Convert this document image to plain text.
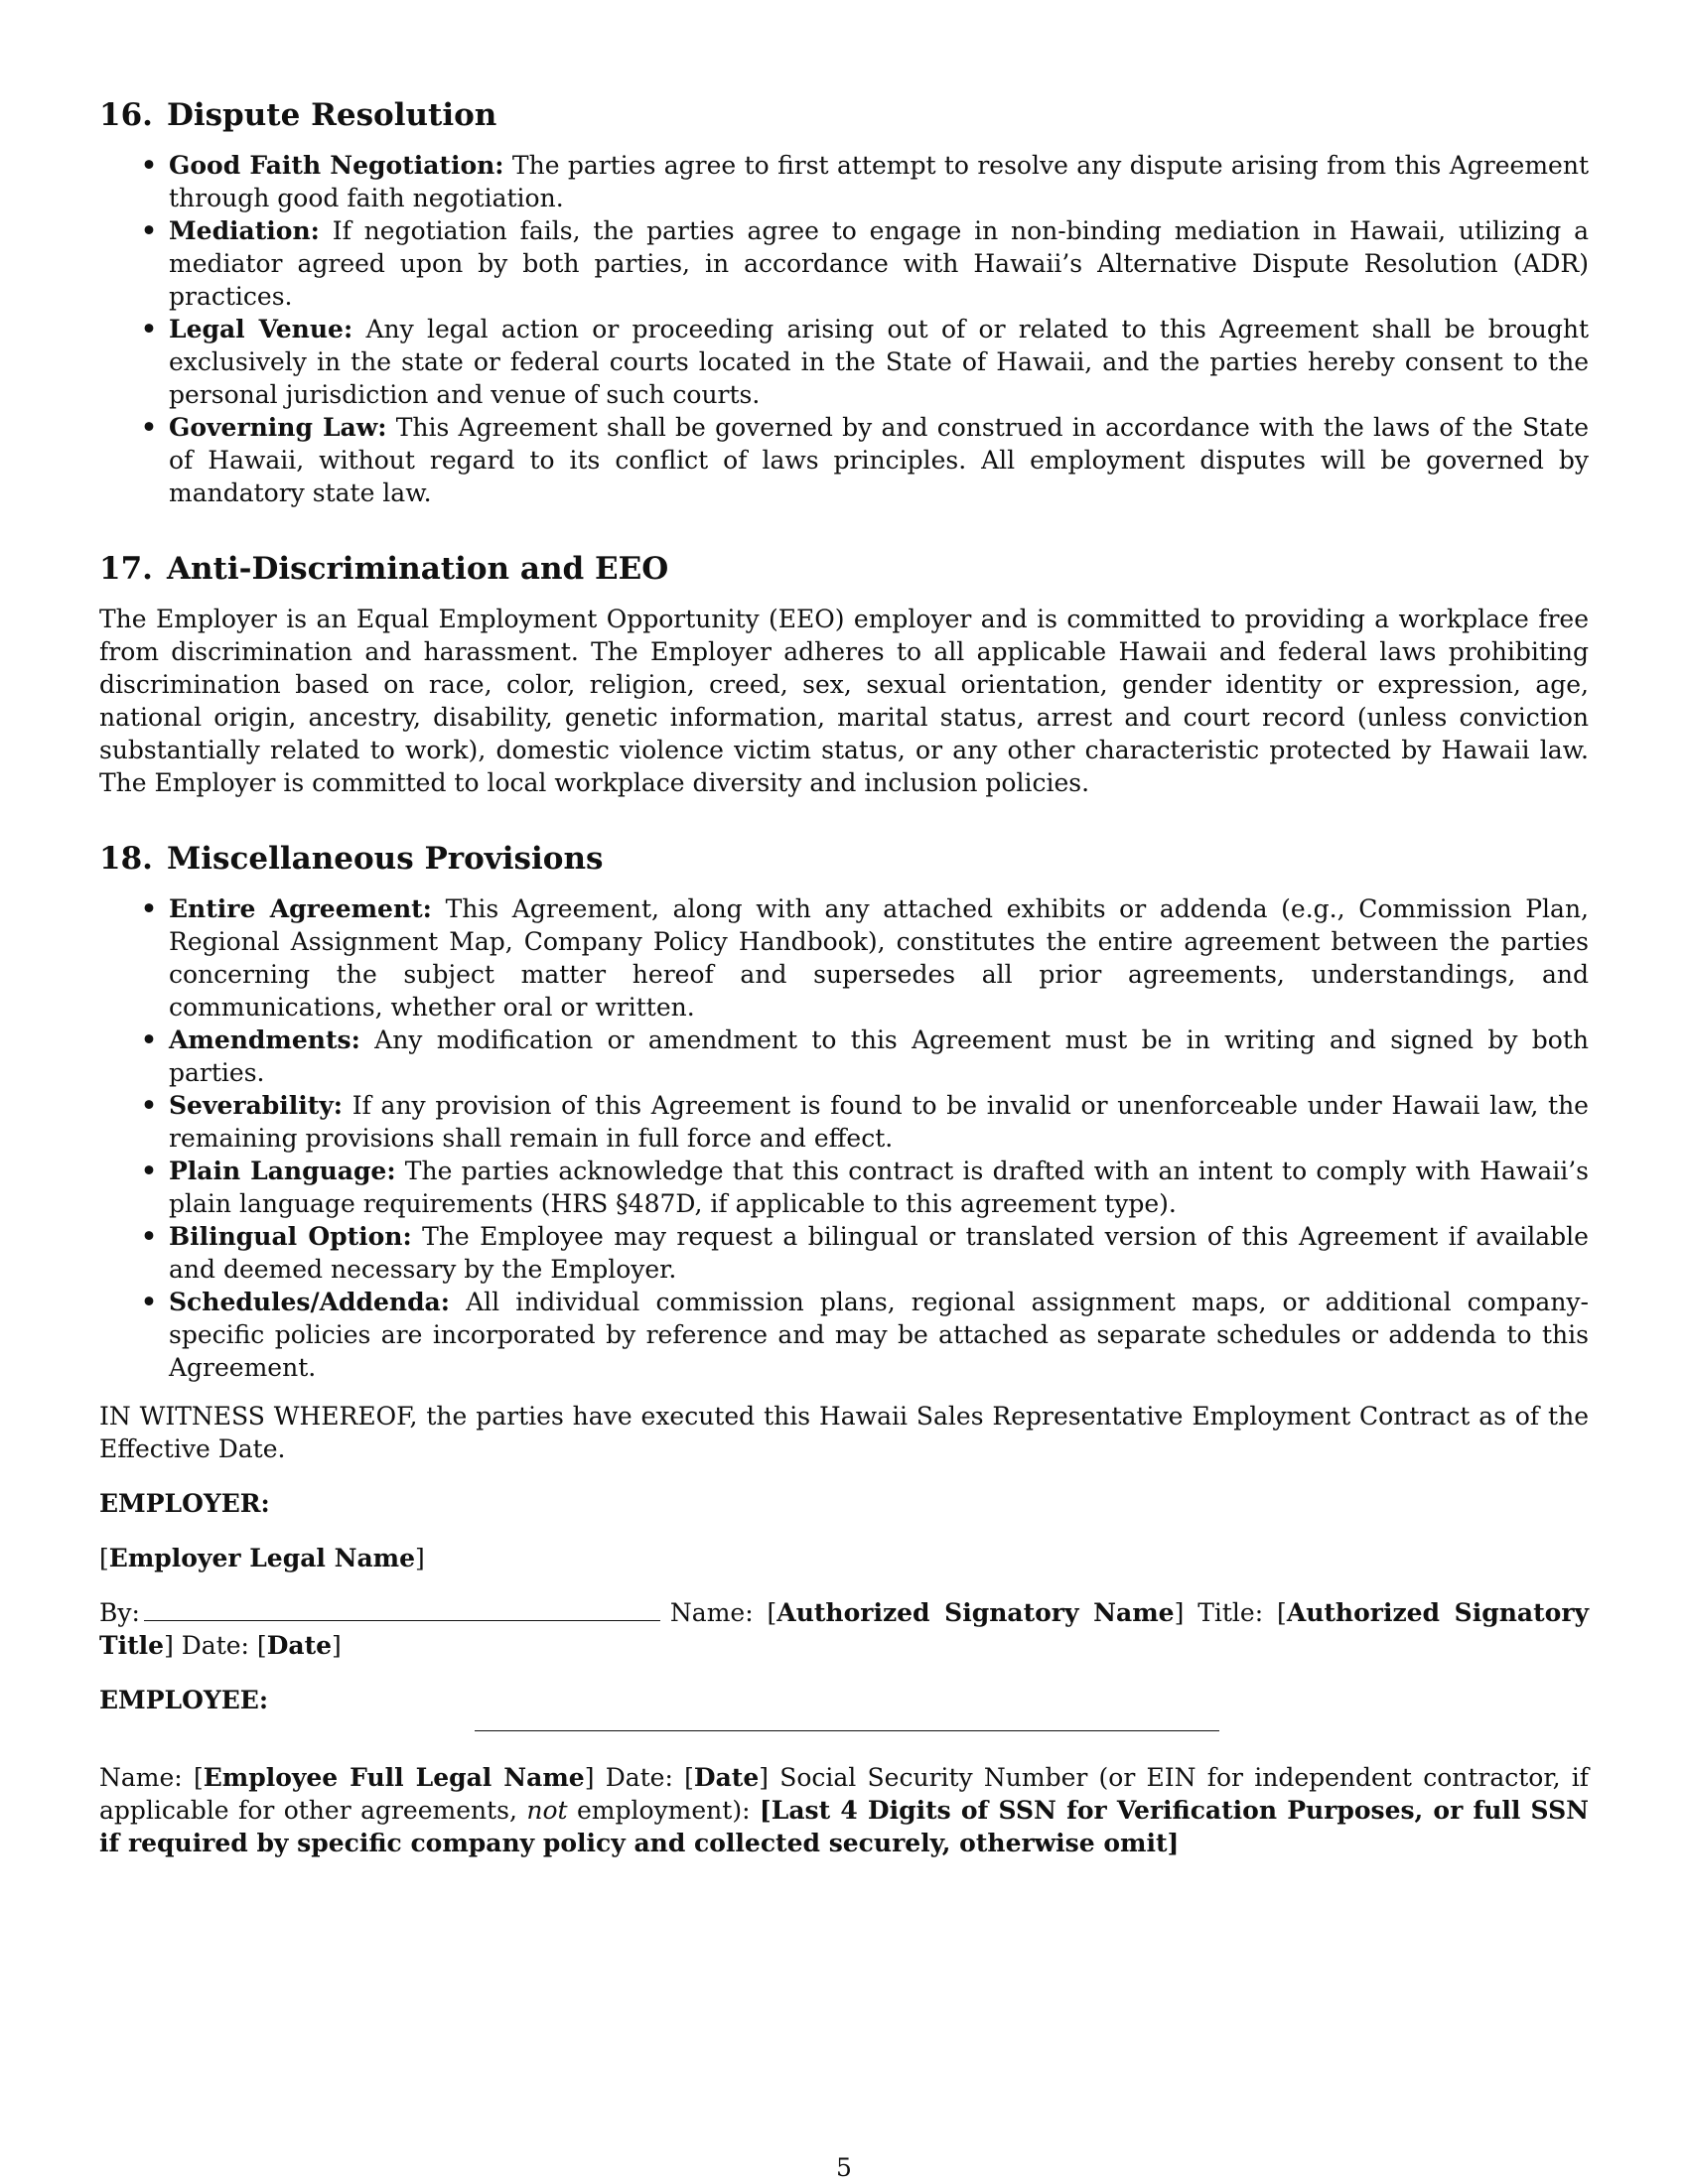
16. Dispute Resolution
• Good Faith Negotiation: The parties agree to first attempt to resolve any dispute arising from this Agreement through good faith negotiation.
• Mediation: If negotiation fails, the parties agree to engage in non-binding mediation in Hawaii, utilizing a mediator agreed upon by both parties, in accordance with Hawaii’s Alternative Dispute Resolution (ADR) practices.
• Legal Venue: Any legal action or proceeding arising out of or related to this Agreement shall be brought exclusively in the state or federal courts located in the State of Hawaii, and the parties hereby consent to the personal jurisdiction and venue of such courts.
• Governing Law: This Agreement shall be governed by and construed in accordance with the laws of the State of Hawaii, without regard to its conflict of laws principles. All employment disputes will be governed by mandatory state law.
17. Anti-Discrimination and EEO

The Employer is an Equal Employment Opportunity (EEO) employer and is committed to providing a workplace free from discrimination and harassment. The Employer adheres to all applicable Hawaii and federal laws prohibiting discrimination based on race, color, religion, creed, sex, sexual orientation, gender identity or expression, age, national origin, ancestry, disability, genetic information, marital status, arrest and court record (unless conviction substantially related to work), domestic violence victim status, or any other characteristic protected by Hawaii law. The Employer is committed to local workplace diversity and inclusion policies.

18. Miscellaneous Provisions
• Entire Agreement: This Agreement, along with any attached exhibits or addenda (e.g., Commission Plan, Regional Assignment Map, Company Policy Handbook), constitutes the entire agreement between the parties concerning the subject matter hereof and supersedes all prior agreements, understandings, and communications, whether oral or written.
• Amendments: Any modification or amendment to this Agreement must be in writing and signed by both parties.
• Severability: If any provision of this Agreement is found to be invalid or unenforceable under Hawaii law, the remaining provisions shall remain in full force and effect.
• Plain Language: The parties acknowledge that this contract is drafted with an intent to comply with Hawaii’s plain language requirements (HRS §487D, if applicable to this agreement type).
• Bilingual Option: The Employee may request a bilingual or translated version of this Agreement if available and deemed necessary by the Employer.
• Schedules/Addenda: All individual commission plans, regional assignment maps, or additional company-specific policies are incorporated by reference and may be attached as separate schedules or addenda to this Agreement.

IN WITNESS WHEREOF, the parties have executed this Hawaii Sales Representative Employment Contract as of the Effective Date.

EMPLOYER:

[Employer Legal Name]

By:	Name: [Authorized Signatory Name] Title: [Authorized Signatory Title] Date: [Date]

EMPLOYEE:

Name: [Employee Full Legal Name] Date: [Date] Social Security Number (or EIN for independent contractor, if applicable for other agreements, not employment): [Last 4 Digits of SSN for Verification Purposes, or full SSN if required by specific company policy and collected securely, otherwise omit]

5
